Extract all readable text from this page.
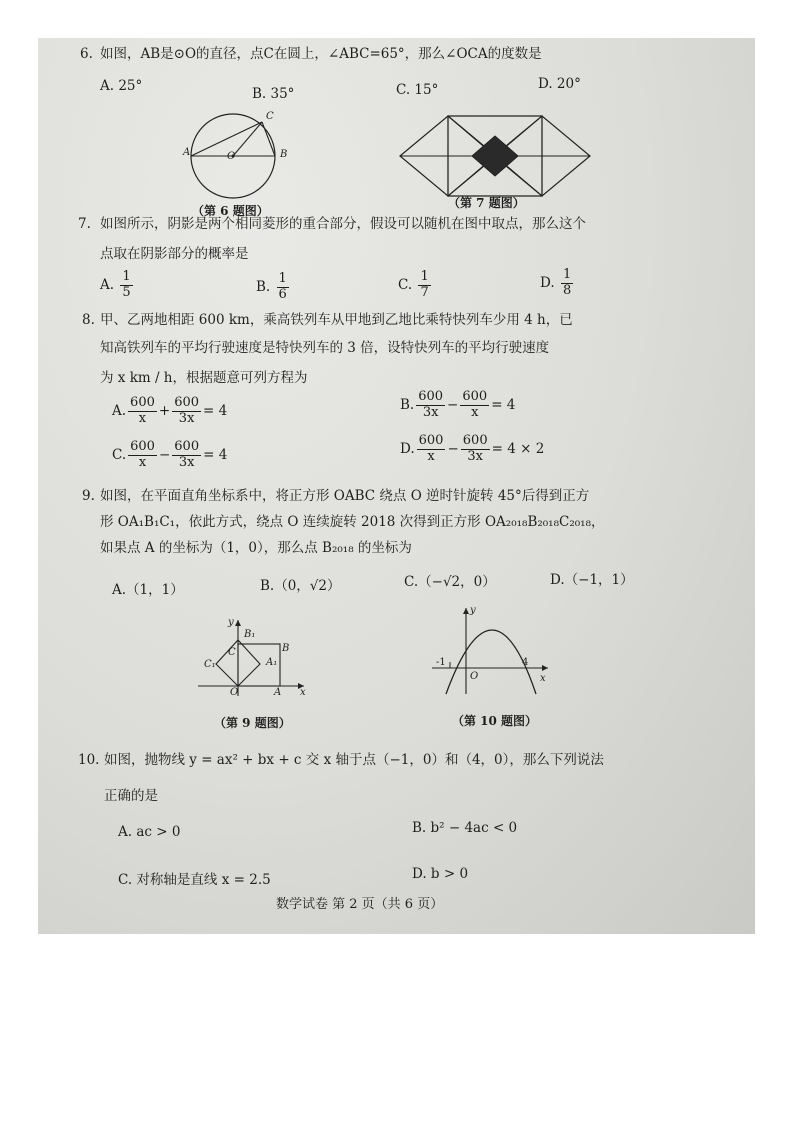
6. 如图，AB是⊙O的直径，点C在圆上，∠ABC=65°，那么∠OCA的度数是
A. 25°	B. 35°	C. 15°	D. 20°
A	B
C
O
（第 6 题图）
（第 7 题图）
7. 如图所示，阴影是两个相同菱形的重合部分，假设可以随机在图中取点，那么这个
点取在阴影部分的概率是
A. $\frac{1}{5}$	B. $\frac{1}{6}$	C. $\frac{1}{7}$	D. $\frac{1}{8}$
8. 甲、乙两地相距 600 km，乘高铁列车从甲地到乙地比乘特快列车少用 4 h，已
知高铁列车的平均行驶速度是特快列车的 3 倍，设特快列车的平均行驶速度
为 x km / h，根据题意可列方程为
A. $\frac{600}{x} + \frac{600}{3x} = 4$	B. $\frac{600}{3x} - \frac{600}{x} = 4$
C. $\frac{600}{x} - \frac{600}{3x} = 4$	D. $\frac{600}{x} - \frac{600}{3x} = 4 \times 2$
9. 如图，在平面直角坐标系中，将正方形 OABC 绕点 O 逆时针旋转 45°后得到正方
形 OA₁B₁C₁，依此方式，绕点 O 连续旋转 2018 次得到正方形 OA₂₀₁₈B₂₀₁₈C₂₀₁₈，
如果点 A 的坐标为（1，0），那么点 B₂₀₁₈ 的坐标为
A.（1，1）	B.（0，√2）	C.（−√2，0）	D.（−1，1）
y
x
B₁
C
A₁
C₁
B
O	A
（第 9 题图）
y
x
-1
O
4
（第 10 题图）
10. 如图，抛物线 y = ax² + bx + c 交 x 轴于点（−1，0）和（4，0），那么下列说法
正确的是
A. ac > 0	B. b² − 4ac < 0
C. 对称轴是直线 x = 2.5	D. b > 0
数学试卷 第 2 页（共 6 页）
